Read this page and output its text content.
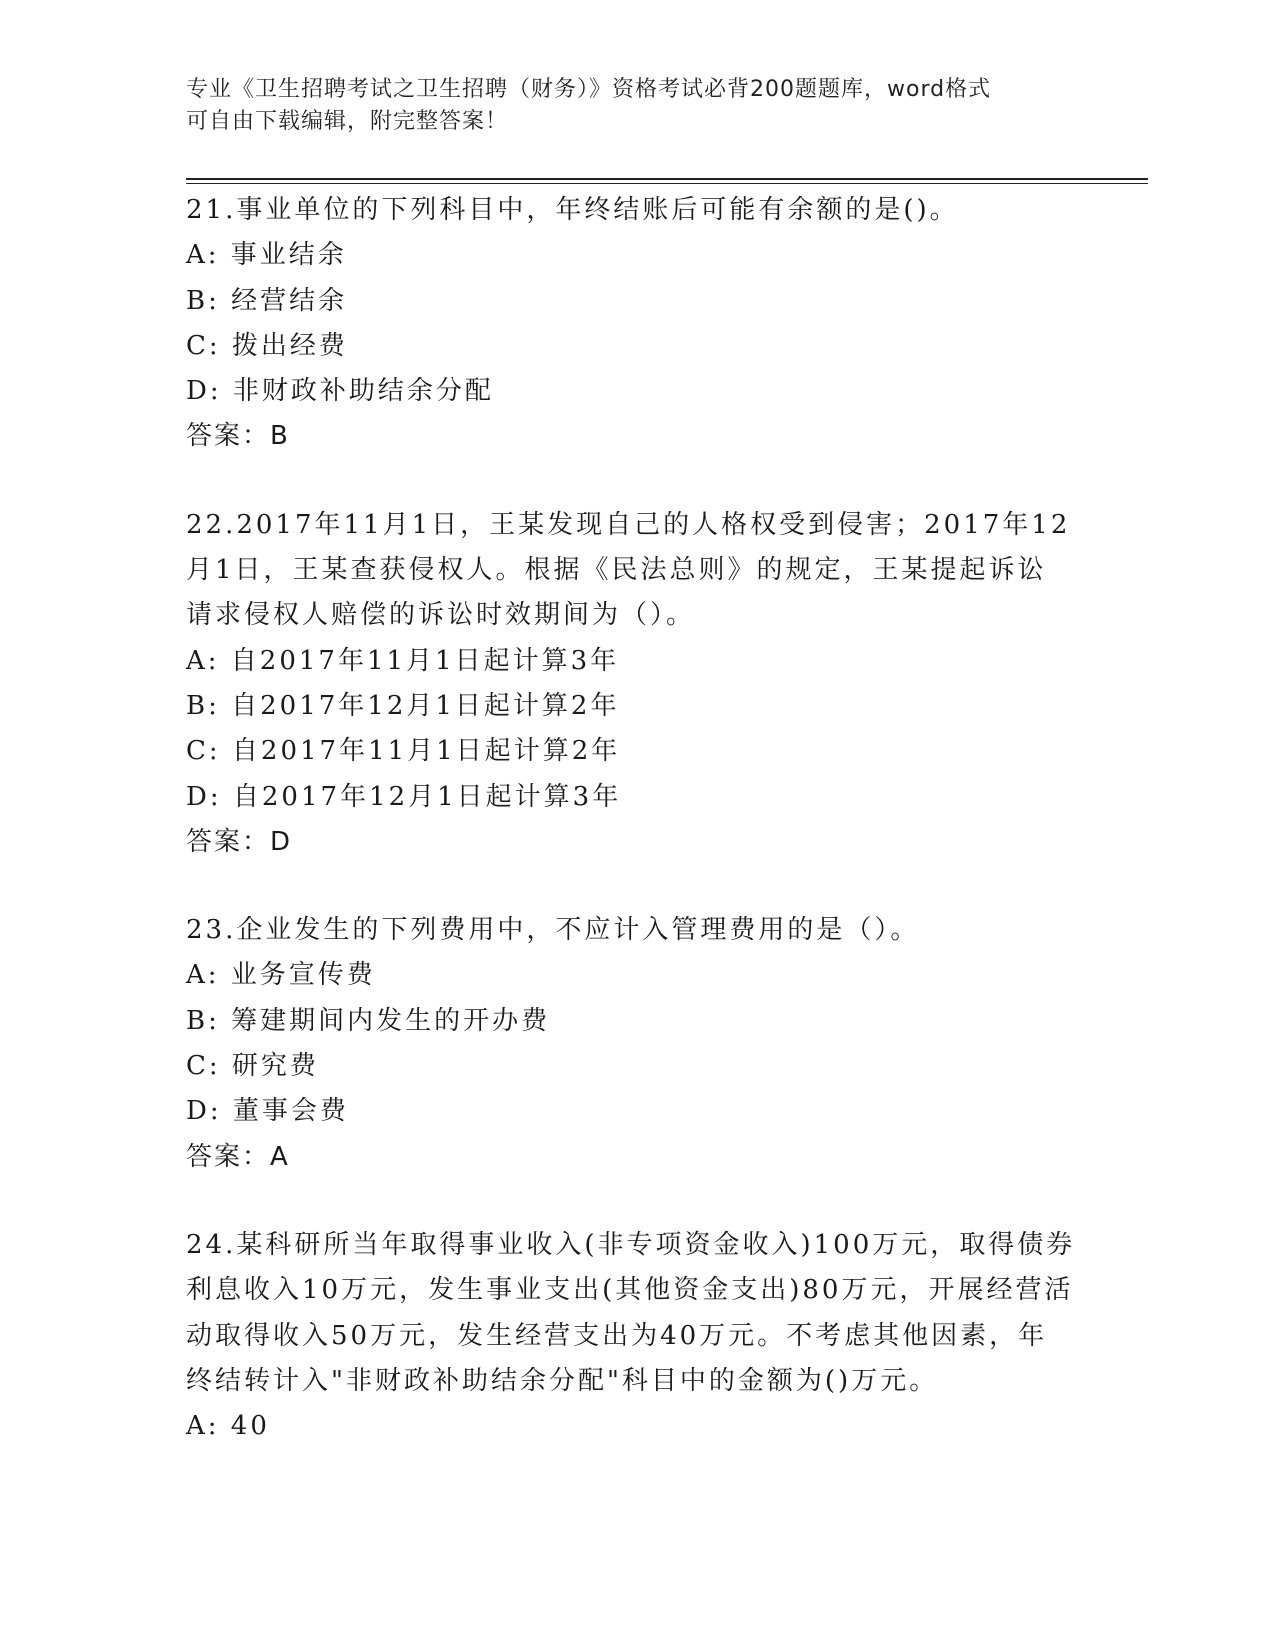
专业《卫生招聘考试之卫生招聘（财务）》资格考试必背200题题库，word格式
可自由下载编辑，附完整答案！
21.事业单位的下列科目中，年终结账后可能有余额的是()。
A: 事业结余
B: 经营结余
C: 拨出经费
D: 非财政补助结余分配
答案：B
22.2017年11月1日，王某发现自己的人格权受到侵害；2017年12
月1日，王某查获侵权人。根据《民法总则》的规定，王某提起诉讼
请求侵权人赔偿的诉讼时效期间为（）。
A: 自2017年11月1日起计算3年
B: 自2017年12月1日起计算2年
C: 自2017年11月1日起计算2年
D: 自2017年12月1日起计算3年
答案：D
23.企业发生的下列费用中，不应计入管理费用的是（）。
A: 业务宣传费
B: 筹建期间内发生的开办费
C: 研究费
D: 董事会费
答案：A
24.某科研所当年取得事业收入(非专项资金收入)100万元，取得债券
利息收入10万元，发生事业支出(其他资金支出)80万元，开展经营活
动取得收入50万元，发生经营支出为40万元。不考虑其他因素，年
终结转计入"非财政补助结余分配"科目中的金额为()万元。
A: 40
